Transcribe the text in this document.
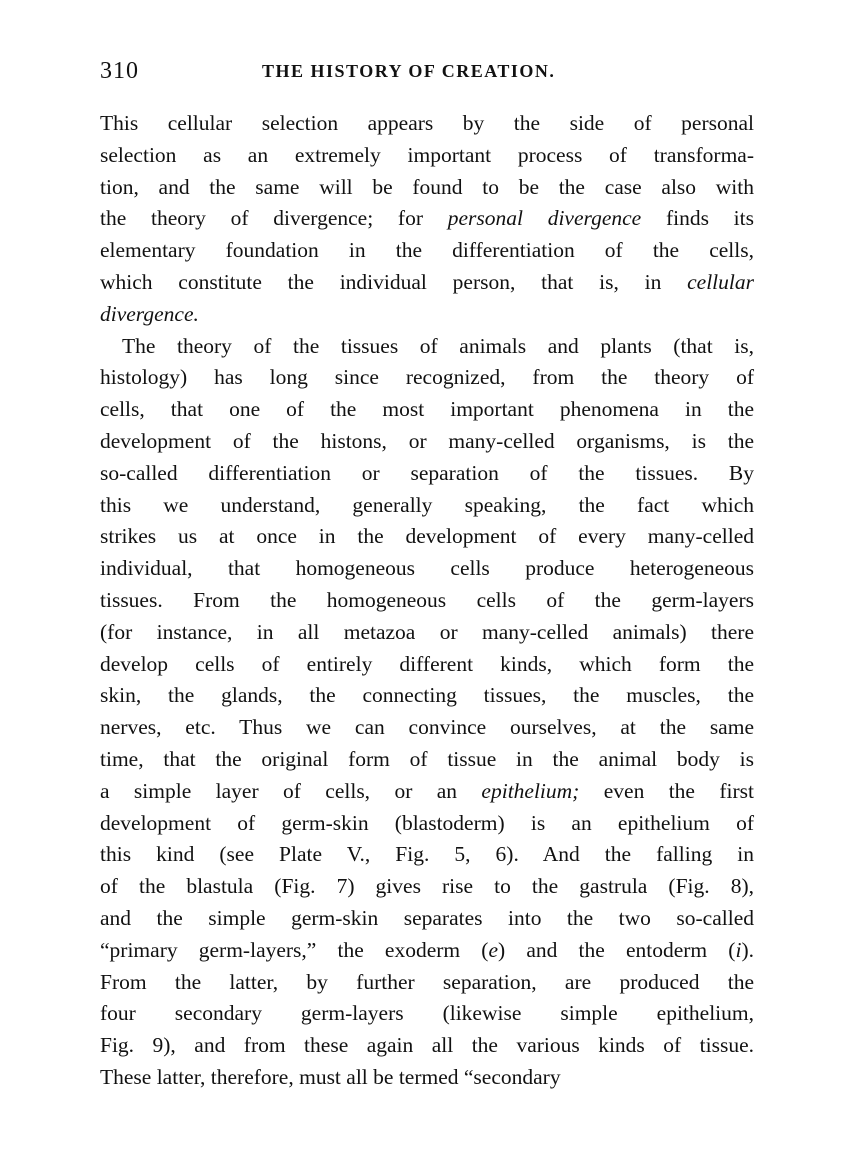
310	THE HISTORY OF CREATION.
This cellular selection appears by the side of personal
selection as an extremely important process of transforma-
tion, and the same will be found to be the case also with
the theory of divergence; for personal divergence finds its
elementary foundation in the differentiation of the cells,
which constitute the individual person, that is, in cellular
divergence.
The theory of the tissues of animals and plants (that is,
histology) has long since recognized, from the theory of
cells, that one of the most important phenomena in the
development of the histons, or many-celled organisms, is the
so-called differentiation or separation of the tissues. By
this we understand, generally speaking, the fact which
strikes us at once in the development of every many-celled
individual, that homogeneous cells produce heterogeneous
tissues. From the homogeneous cells of the germ-layers
(for instance, in all metazoa or many-celled animals) there
develop cells of entirely different kinds, which form the
skin, the glands, the connecting tissues, the muscles, the
nerves, etc. Thus we can convince ourselves, at the same
time, that the original form of tissue in the animal body is
a simple layer of cells, or an epithelium; even the first
development of germ-skin (blastoderm) is an epithelium of
this kind (see Plate V., Fig. 5, 6). And the falling in
of the blastula (Fig. 7) gives rise to the gastrula (Fig. 8),
and the simple germ-skin separates into the two so-called
“primary germ-layers,” the exoderm (e) and the entoderm (i).
From the latter, by further separation, are produced the
four secondary germ-layers (likewise simple epithelium,
Fig. 9), and from these again all the various kinds of tissue.
These latter, therefore, must all be termed “secondary
